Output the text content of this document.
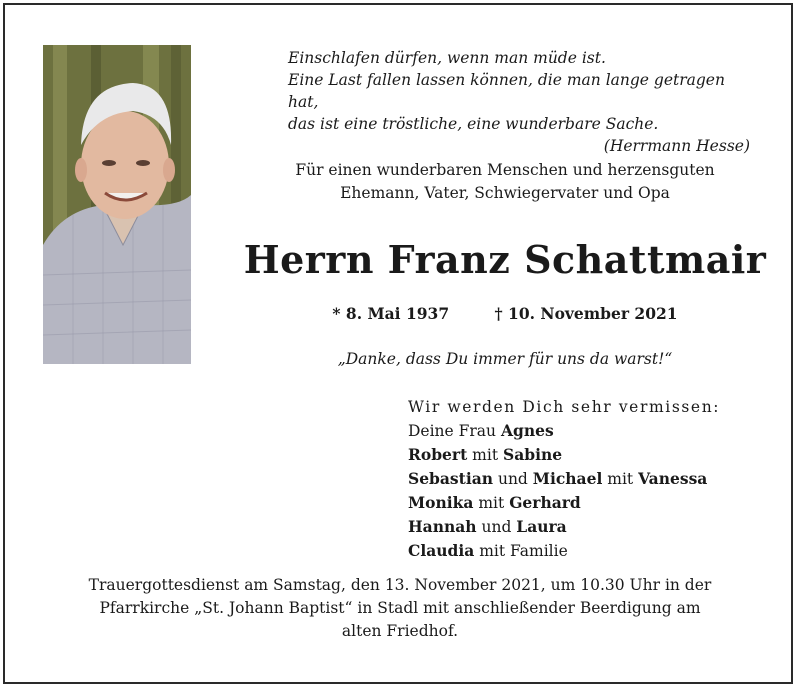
Einschlafen dürfen, wenn man müde ist.
Eine Last fallen lassen können, die man lange getragen hat,
das ist eine tröstliche, eine wunderbare Sache.
(Herrmann Hesse)
Für einen wunderbaren Menschen und herzensguten
Ehemann, Vater, Schwiegervater und Opa
Herrn Franz Schattmair
* 8. Mai 1937	† 10. November 2021
„Danke, dass Du immer für uns da warst!“
Wir werden Dich sehr vermissen:
Deine Frau Agnes
Robert mit Sabine
Sebastian und Michael mit Vanessa
Monika mit Gerhard
Hannah und Laura
Claudia mit Familie
Trauergottesdienst am Samstag, den 13. November 2021, um 10.30 Uhr in der
Pfarrkirche „St. Johann Baptist“ in Stadl mit anschließender Beerdigung am
alten Friedhof.
